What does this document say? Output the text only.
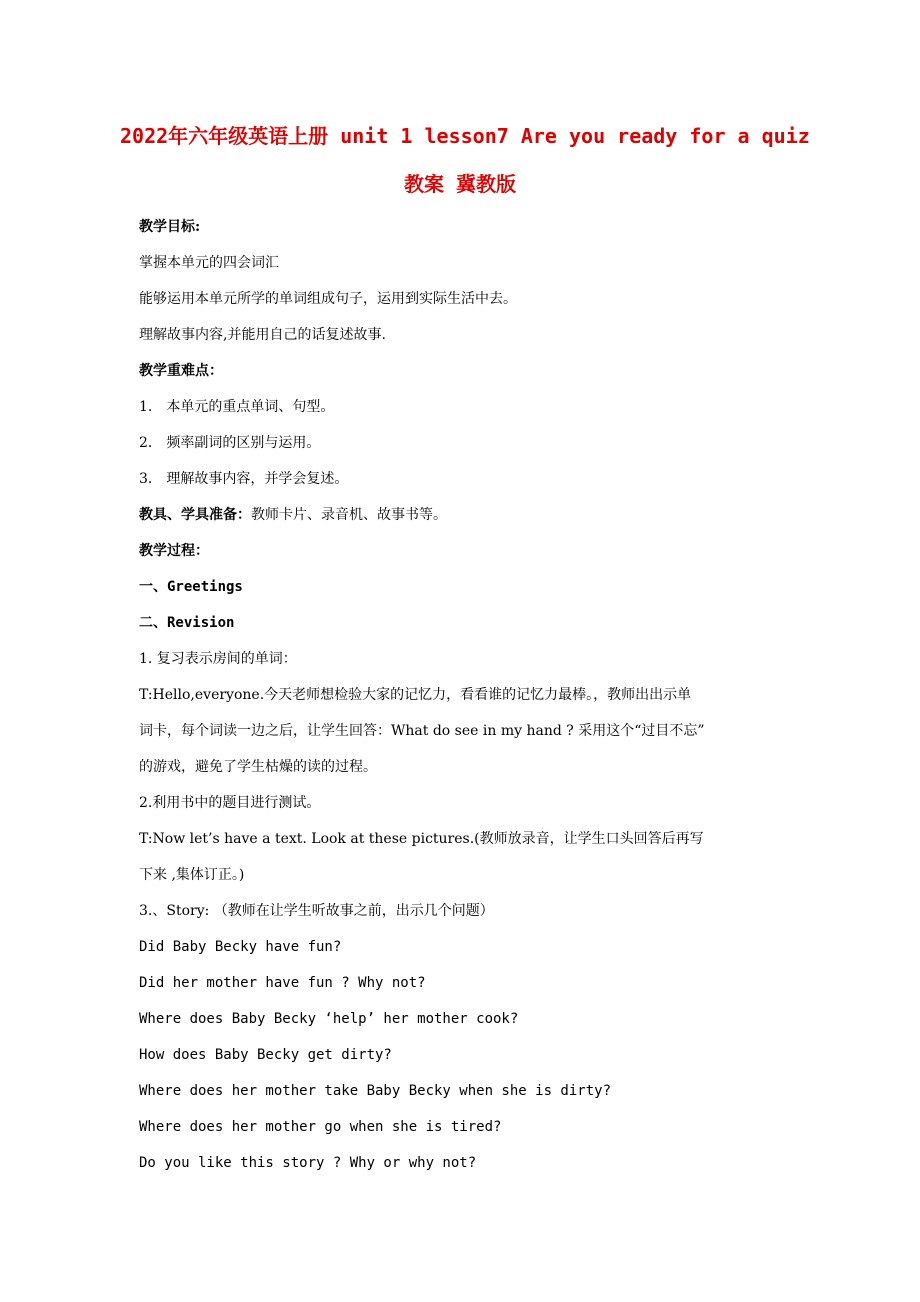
2022年六年级英语上册 unit 1 lesson7 Are you ready for a quiz
教案 冀教版
教学目标:
掌握本单元的四会词汇
能够运用本单元所学的单词组成句子，运用到实际生活中去。
理解故事内容,并能用自己的话复述故事.
教学重难点：
1． 本单元的重点单词、句型。
2． 频率副词的区别与运用。
3． 理解故事内容，并学会复述。
教具、学具准备：教师卡片、录音机、故事书等。
教学过程：
一、Greetings
二、Revision
1. 复习表示房间的单词：
T:Hello,everyone.今天老师想检验大家的记忆力，看看谁的记忆力最棒。，教师出出示单
词卡，每个词读一边之后，让学生回答：What do see in my hand ? 采用这个“过目不忘”
的游戏，避免了学生枯燥的读的过程。
2.利用书中的题目进行测试。
T:Now let’s have a text. Look at these pictures.(教师放录音，让学生口头回答后再写
下来 ,集体订正。)
3.、Story: （教师在让学生听故事之前，出示几个问题）
Did Baby Becky have fun?
Did her mother have fun ? Why not?
Where does Baby Becky ‘help’ her mother cook?
How does Baby Becky get dirty?
Where does her mother take Baby Becky when she is dirty?
Where does her mother go when she is tired?
Do you like this story ? Why or why not?
